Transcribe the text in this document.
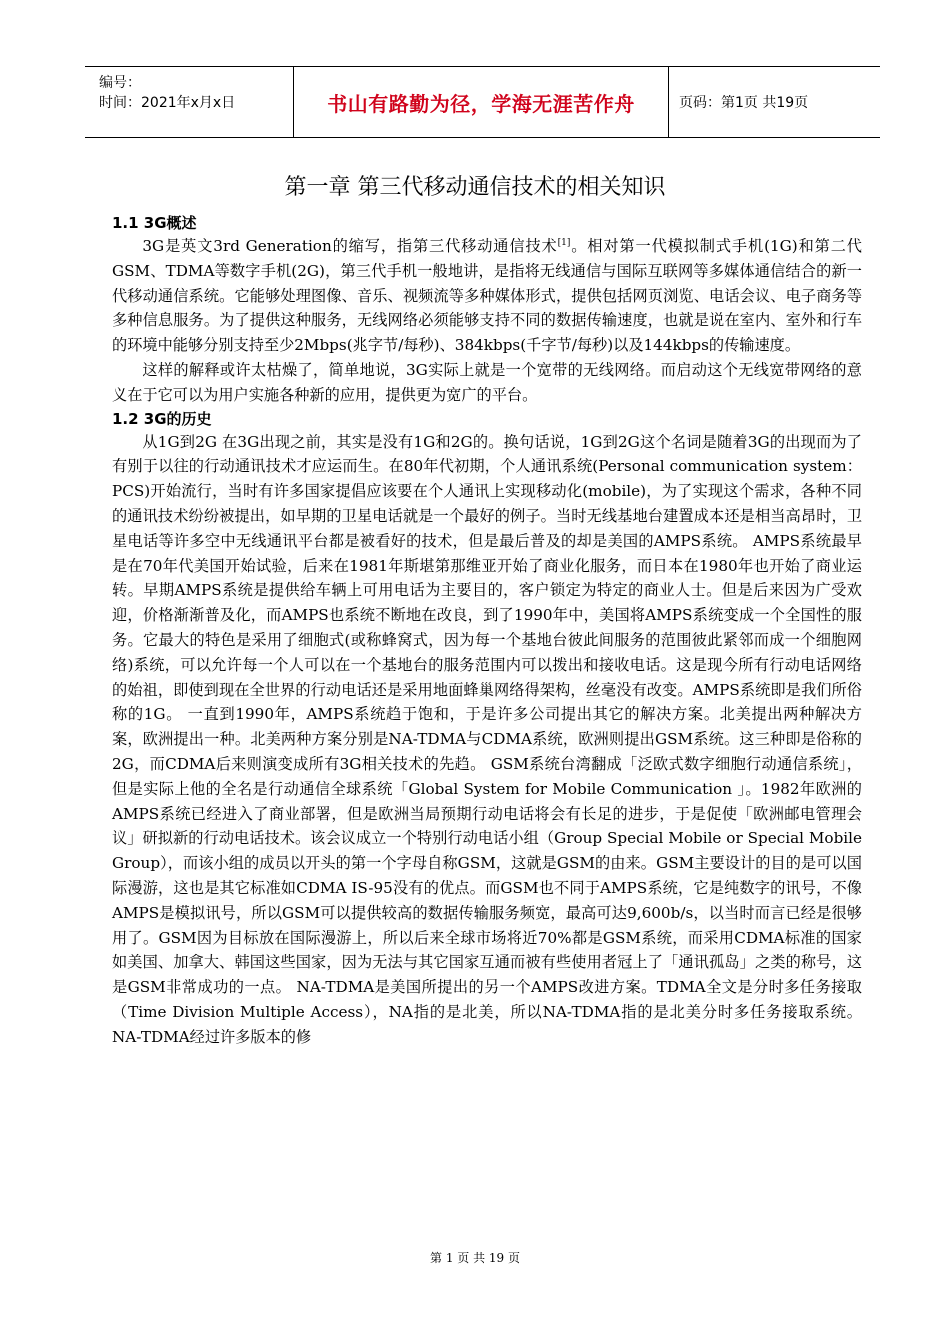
编号：
时间：2021年x月x日	书山有路勤为径，学海无涯苦作舟	页码：第1页 共19页
第一章 第三代移动通信技术的相关知识

1.1 3G概述

3G是英文3rd Generation的缩写，指第三代移动通信技术[1]。相对第一代模拟制式手机(1G)和第二代GSM、TDMA等数字手机(2G)，第三代手机一般地讲，是指将无线通信与国际互联网等多媒体通信结合的新一代移动通信系统。它能够处理图像、音乐、视频流等多种媒体形式，提供包括网页浏览、电话会议、电子商务等多种信息服务。为了提供这种服务，无线网络必须能够支持不同的数据传输速度，也就是说在室内、室外和行车的环境中能够分别支持至少2Mbps(兆字节/每秒)、384kbps(千字节/每秒)以及144kbps的传输速度。

这样的解释或许太枯燥了，简单地说，3G实际上就是一个宽带的无线网络。而启动这个无线宽带网络的意义在于它可以为用户实施各种新的应用，提供更为宽广的平台。

1.2 3G的历史

从1G到2G 在3G出现之前，其实是没有1G和2G的。换句话说，1G到2G这个名词是随着3G的出现而为了有别于以往的行动通讯技术才应运而生。在80年代初期，个人通讯系统(Personal communication system：PCS)开始流行，当时有许多国家提倡应该要在个人通讯上实现移动化(mobile)，为了实现这个需求，各种不同的通讯技术纷纷被提出，如早期的卫星电话就是一个最好的例子。当时无线基地台建置成本还是相当高昂时，卫星电话等许多空中无线通讯平台都是被看好的技术，但是最后普及的却是美国的AMPS系统。 AMPS系统最早是在70年代美国开始试验，后来在1981年斯堪第那维亚开始了商业化服务，而日本在1980年也开始了商业运转。早期AMPS系统是提供给车辆上可用电话为主要目的，客户锁定为特定的商业人士。但是后来因为广受欢迎，价格渐渐普及化，而AMPS也系统不断地在改良，到了1990年中，美国将AMPS系统变成一个全国性的服务。它最大的特色是采用了细胞式(或称蜂窝式，因为每一个基地台彼此间服务的范围彼此紧邻而成一个细胞网络)系统，可以允许每一个人可以在一个基地台的服务范围内可以拨出和接收电话。这是现今所有行动电话网络的始祖，即使到现在全世界的行动电话还是采用地面蜂巢网络得架构，丝毫没有改变。AMPS系统即是我们所俗称的1G。 一直到1990年，AMPS系统趋于饱和，于是许多公司提出其它的解决方案。北美提出两种解决方案，欧洲提出一种。北美两种方案分别是NA-TDMA与CDMA系统，欧洲则提出GSM系统。这三种即是俗称的2G，而CDMA后来则演变成所有3G相关技术的先趋。 GSM系统台湾翻成「泛欧式数字细胞行动通信系统」，但是实际上他的全名是行动通信全球系统「Global System for Mobile Communication 」。1982年欧洲的AMPS系统已经进入了商业部署，但是欧洲当局预期行动电话将会有长足的进步，于是促使「欧洲邮电管理会议」研拟新的行动电话技术。该会议成立一个特别行动电话小组（Group Special Mobile or Special Mobile Group），而该小组的成员以开头的第一个字母自称GSM，这就是GSM的由来。GSM主要设计的目的是可以国际漫游，这也是其它标准如CDMA IS-95没有的优点。而GSM也不同于AMPS系统，它是纯数字的讯号，不像AMPS是模拟讯号，所以GSM可以提供较高的数据传输服务频宽，最高可达9,600b/s，以当时而言已经是很够用了。GSM因为目标放在国际漫游上，所以后来全球市场将近70%都是GSM系统，而采用CDMA标准的国家如美国、加拿大、韩国这些国家，因为无法与其它国家互通而被有些使用者冠上了「通讯孤岛」之类的称号，这是GSM非常成功的一点。 NA-TDMA是美国所提出的另一个AMPS改进方案。TDMA全文是分时多任务接取（Time Division Multiple Access），NA指的是北美，所以NA-TDMA指的是北美分时多任务接取系统。NA-TDMA经过许多版本的修

第 1 页 共 19 页
